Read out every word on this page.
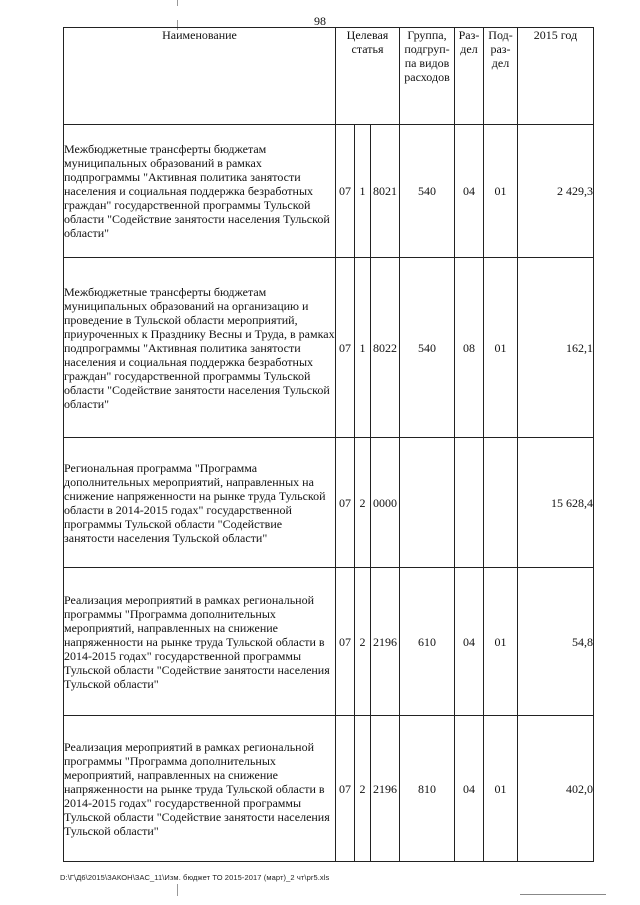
98
Наименование	Целевая статья			Группа, подгруп-па видов расходов	Раз-дел	Под-раз-дел	2015 год
Межбюджетные трансферты бюджетам муниципальных образований в рамках подпрограммы "Активная политика занятости населения и социальная поддержка безработных граждан" государственной программы Тульской области "Содействие занятости населения Тульской области"	07	1	8021	540	04	01	2 429,3
Межбюджетные трансферты бюджетам муниципальных образований на организацию и проведение в Тульской области мероприятий, приуроченных к Празднику Весны и Труда, в рамках подпрограммы "Активная политика занятости населения и социальная поддержка безработных граждан" государственной программы Тульской области "Содействие занятости населения Тульской области"	07	1	8022	540	08	01	162,1
Региональная программа "Программа дополнительных мероприятий, направленных на снижение напряженности на рынке труда Тульской области в 2014-2015 годах" государственной программы Тульской области "Содействие занятости населения Тульской области"	07	2	0000				15 628,4
Реализация мероприятий в рамках региональной программы "Программа дополнительных мероприятий, направленных на снижение напряженности на рынке труда Тульской области в 2014-2015 годах" государственной программы Тульской области "Содействие занятости населения Тульской области"	07	2	2196	610	04	01	54,8
Реализация мероприятий в рамках региональной программы "Программа дополнительных мероприятий, направленных на снижение напряженности на рынке труда Тульской области в 2014-2015 годах" государственной программы Тульской области "Содействие занятости населения Тульской области"	07	2	2196	810	04	01	402,0
D:\Г\Д6\2015\ЗАКОН\ЗАС_11\Изм. бюджет ТО 2015-2017 (март)_2 чт\pr5.xls
